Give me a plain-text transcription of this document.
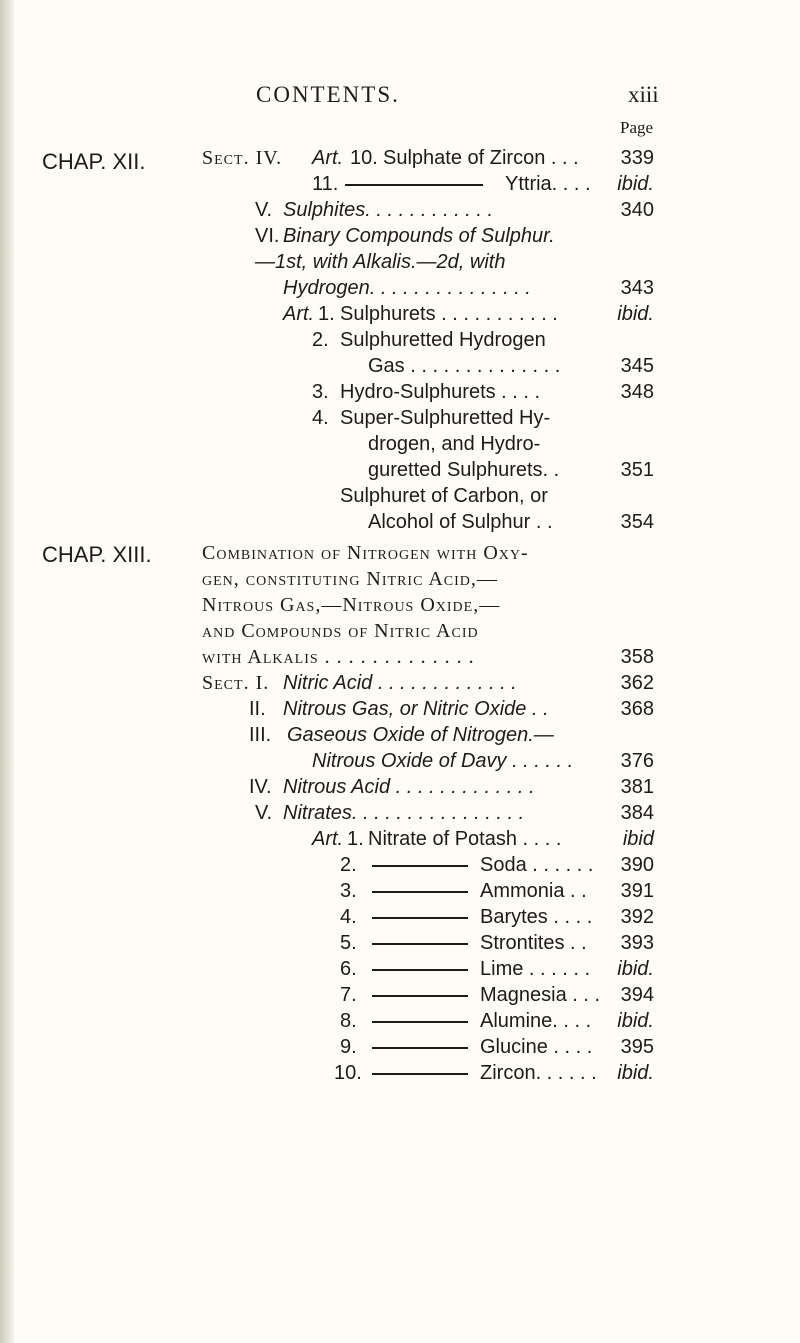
CONTENTS.	xiii
Page
CHAP. XII.	Sect. IV. Art. 10. Sulphate of Zircon . . .	339
11.	Yttria. . . .	ibid.
V. Sulphites. . . . . . . . . . . .	340
VI. Binary Compounds of Sulphur.
—1st, with Alkalis.—2d, with
Hydrogen. . . . . . . . . . . . . . .	343
Art. 1. Sulphurets . . . . . . . . . . .	ibid.
2. Sulphuretted Hydrogen
Gas . . . . . . . . . . . . . .	345
3. Hydro-Sulphurets . . . .	348
4. Super-Sulphuretted Hy-
drogen, and Hydro-
guretted Sulphurets. .	351
Sulphuret of Carbon, or
Alcohol of Sulphur . .	354
CHAP. XIII.	Combination of Nitrogen with Oxy-
gen, constituting Nitric Acid,—
Nitrous Gas,—Nitrous Oxide,—
and Compounds of Nitric Acid
with Alkalis . . . . . . . . . . . . .	358
Sect. I. Nitric Acid . . . . . . . . . . . . .	362
II. Nitrous Gas, or Nitric Oxide . .	368
III. Gaseous Oxide of Nitrogen.—
Nitrous Oxide of Davy . . . . . .	376
IV. Nitrous Acid . . . . . . . . . . . . .	381
V. Nitrates. . . . . . . . . . . . . . . .	384
Art. 1. Nitrate of Potash . . . .	ibid
2.	Soda . . . . . .	390
3.	Ammonia . .	391
4.	Barytes . . . .	392
5.	Strontites . .	393
6.	Lime . . . . . .	ibid.
7.	Magnesia . . .	394
8.	Alumine. . . .	ibid.
9.	Glucine . . . .	395
10.	Zircon. . . . . .	ibid.
